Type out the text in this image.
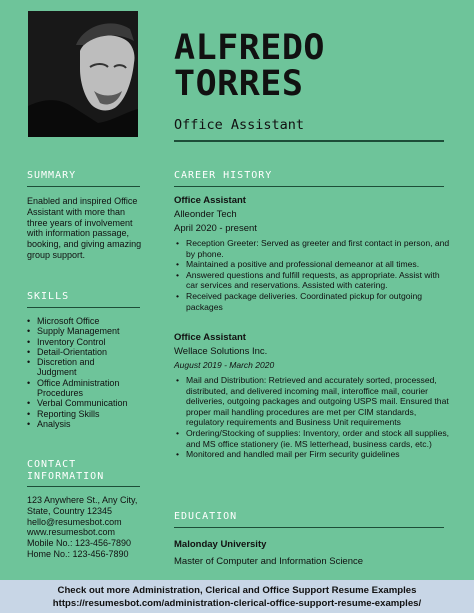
ALFREDO
TORRES
Office Assistant
SUMMARY
Enabled and inspired Office Assistant with more than three years of involvement with information passage, booking, and giving amazing group support.
SKILLS
• Microsoft Office
• Supply Management
• Inventory Control
• Detail-Orientation
• Discretion and Judgment
• Office Administration Procedures
• Verbal Communication
• Reporting Skills
• Analysis
CONTACT
INFORMATION
123 Anywhere St., Any City,
State, Country 12345
hello@resumesbot.com
www.resumesbot.com
Mobile No.: 123-456-7890
Home No.: 123-456-7890
CAREER HISTORY
Office Assistant
Alleonder Tech
April 2020 - present
• Reception Greeter: Served as greeter and first contact in person, and by phone.
• Maintained a positive and professional demeanor at all times.
• Answered questions and fulfill requests, as appropriate. Assist with car services and reservations. Assisted with catering.
• Received package deliveries. Coordinated pickup for outgoing packages
Office Assistant
Wellace Solutions Inc.
August 2019 - March 2020
• Mail and Distribution: Retrieved and accurately sorted, processed, distributed, and delivered incoming mail, interoffice mail, courier deliveries, outgoing packages and outgoing USPS mail. Ensured that proper mail handling procedures are met per CIM standards, regulatory requirements and Business Unit requirements
• Ordering/Stocking of supplies: Inventory, order and stock all supplies, and MS office stationery (ie. MS letterhead, business cards, etc.)
• Monitored and handled mail per Firm security guidelines
EDUCATION
Malonday University
Master of Computer and Information Science
Check out more Administration, Clerical and Office Support Resume Examples
https://resumesbot.com/administration-clerical-office-support-resume-examples/
